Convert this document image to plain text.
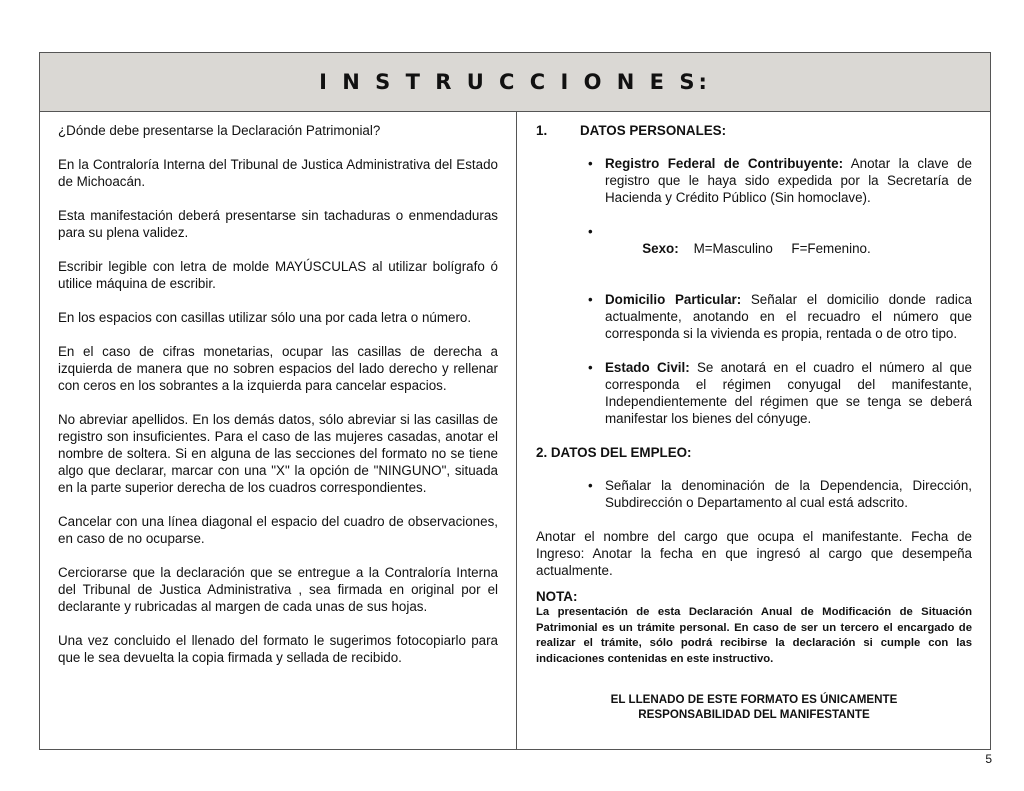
I N S T R U C C I O N E S:

¿Dónde debe presentarse la Declaración Patrimonial?

En la Contraloría Interna del Tribunal de Justica Administrativa del Estado de Michoacán.

Esta manifestación deberá presentarse sin tachaduras o enmendaduras para su plena validez.

Escribir legible con letra de molde MAYÚSCULAS al utilizar bolígrafo ó utilice máquina de escribir.

En los espacios con casillas utilizar sólo una por cada letra o número.

En el caso de cifras monetarias, ocupar las casillas de derecha a izquierda de manera que no sobren espacios del lado derecho y rellenar con ceros en los sobrantes a la izquierda para cancelar espacios.

No abreviar apellidos. En los demás datos, sólo abreviar si las casillas de registro son insuficientes. Para el caso de las mujeres casadas, anotar el nombre de soltera. Si en alguna de las secciones del formato no se tiene algo que declarar, marcar con una "X" la opción de "NINGUNO", situada en la parte superior derecha de los cuadros correspondientes.

Cancelar con una línea diagonal el espacio del cuadro de observaciones, en caso de no ocuparse.

Cerciorarse que la declaración que se entregue a la Contraloría Interna del Tribunal de Justica Administrativa , sea firmada en original por el declarante y rubricadas al margen de cada unas de sus hojas.

Una vez concluido el llenado del formato le sugerimos fotocopiarlo para que le sea devuelta la copia firmada y sellada de recibido.

1. DATOS PERSONALES:
• Registro Federal de Contribuyente: Anotar la clave de registro que le haya sido expedida por la Secretaría de Hacienda y Crédito Público (Sin homoclave).

•
Sexo:    M=Masculino     F=Femenino.

• Domicilio Particular: Señalar el domicilio donde radica actualmente, anotando en el recuadro el número que corresponda si la vivienda es propia, rentada o de otro tipo.
• Estado Civil: Se anotará en el cuadro el número al que corresponda el régimen conyugal del manifestante, Independientemente del régimen que se tenga se deberá manifestar los bienes del cónyuge.
2. DATOS DEL EMPLEO:
• Señalar la denominación de la Dependencia, Dirección, Subdirección o Departamento al cual está adscrito.

Anotar el nombre del cargo que ocupa el manifestante. Fecha de Ingreso: Anotar la fecha en que ingresó al cargo que desempeña actualmente.

NOTA:
La presentación de esta Declaración Anual de Modificación de Situación Patrimonial es un trámite personal. En caso de ser un tercero el encargado de realizar el trámite, sólo podrá recibirse la declaración si cumple con las indicaciones contenidas en este instructivo.
EL LLENADO DE ESTE FORMATO ES ÚNICAMENTE
RESPONSABILIDAD DEL MANIFESTANTE
5
